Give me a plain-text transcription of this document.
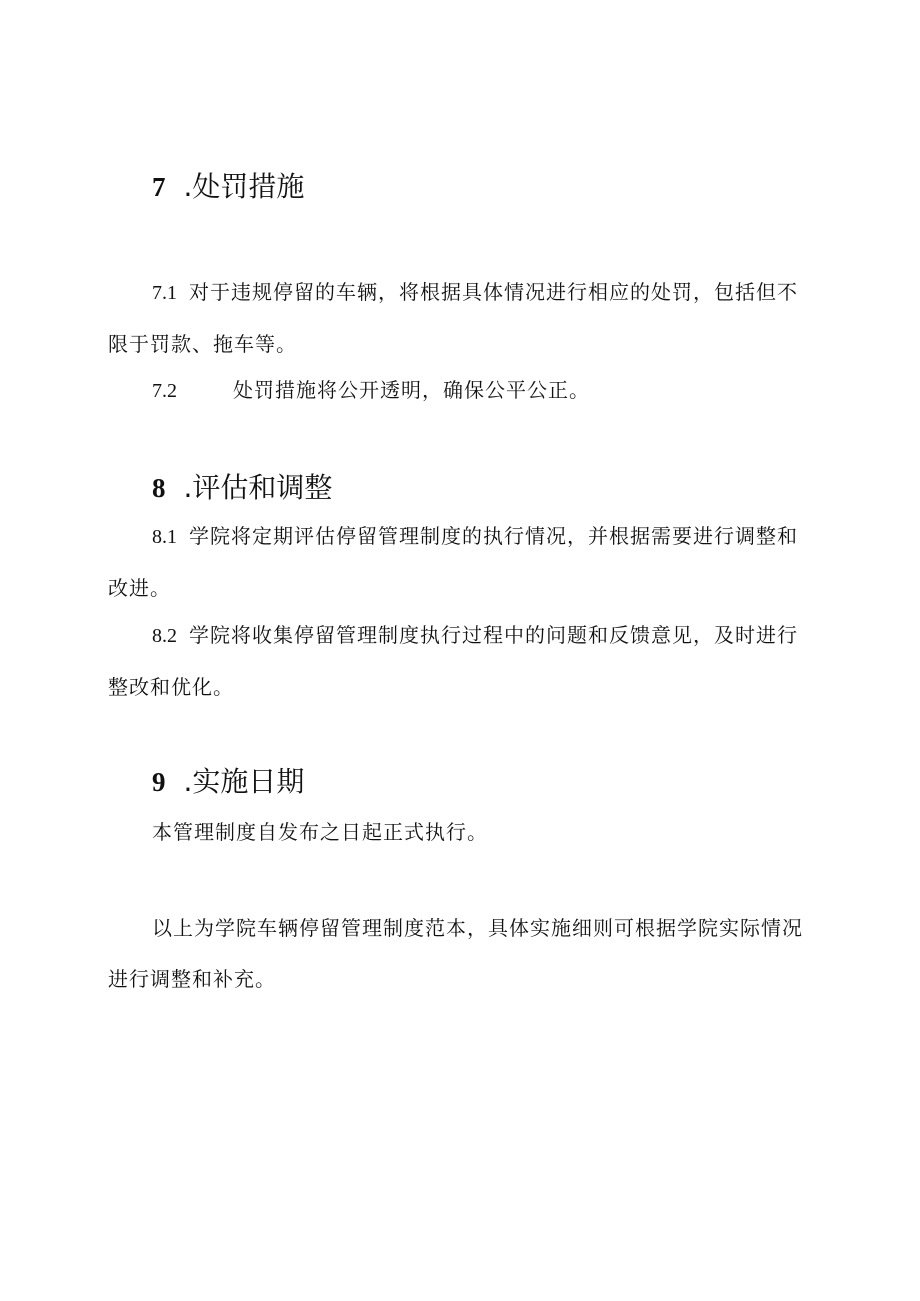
7 .处罚措施

7.1 对于违规停留的车辆，将根据具体情况进行相应的处罚，包括但不限于罚款、拖车等。

7.2	处罚措施将公开透明，确保公平公正。

8 .评估和调整

8.1 学院将定期评估停留管理制度的执行情况，并根据需要进行调整和改进。

8.2 学院将收集停留管理制度执行过程中的问题和反馈意见，及时进行整改和优化。

9 .实施日期

本管理制度自发布之日起正式执行。

以上为学院车辆停留管理制度范本，具体实施细则可根据学院实际情况进行调整和补充。
